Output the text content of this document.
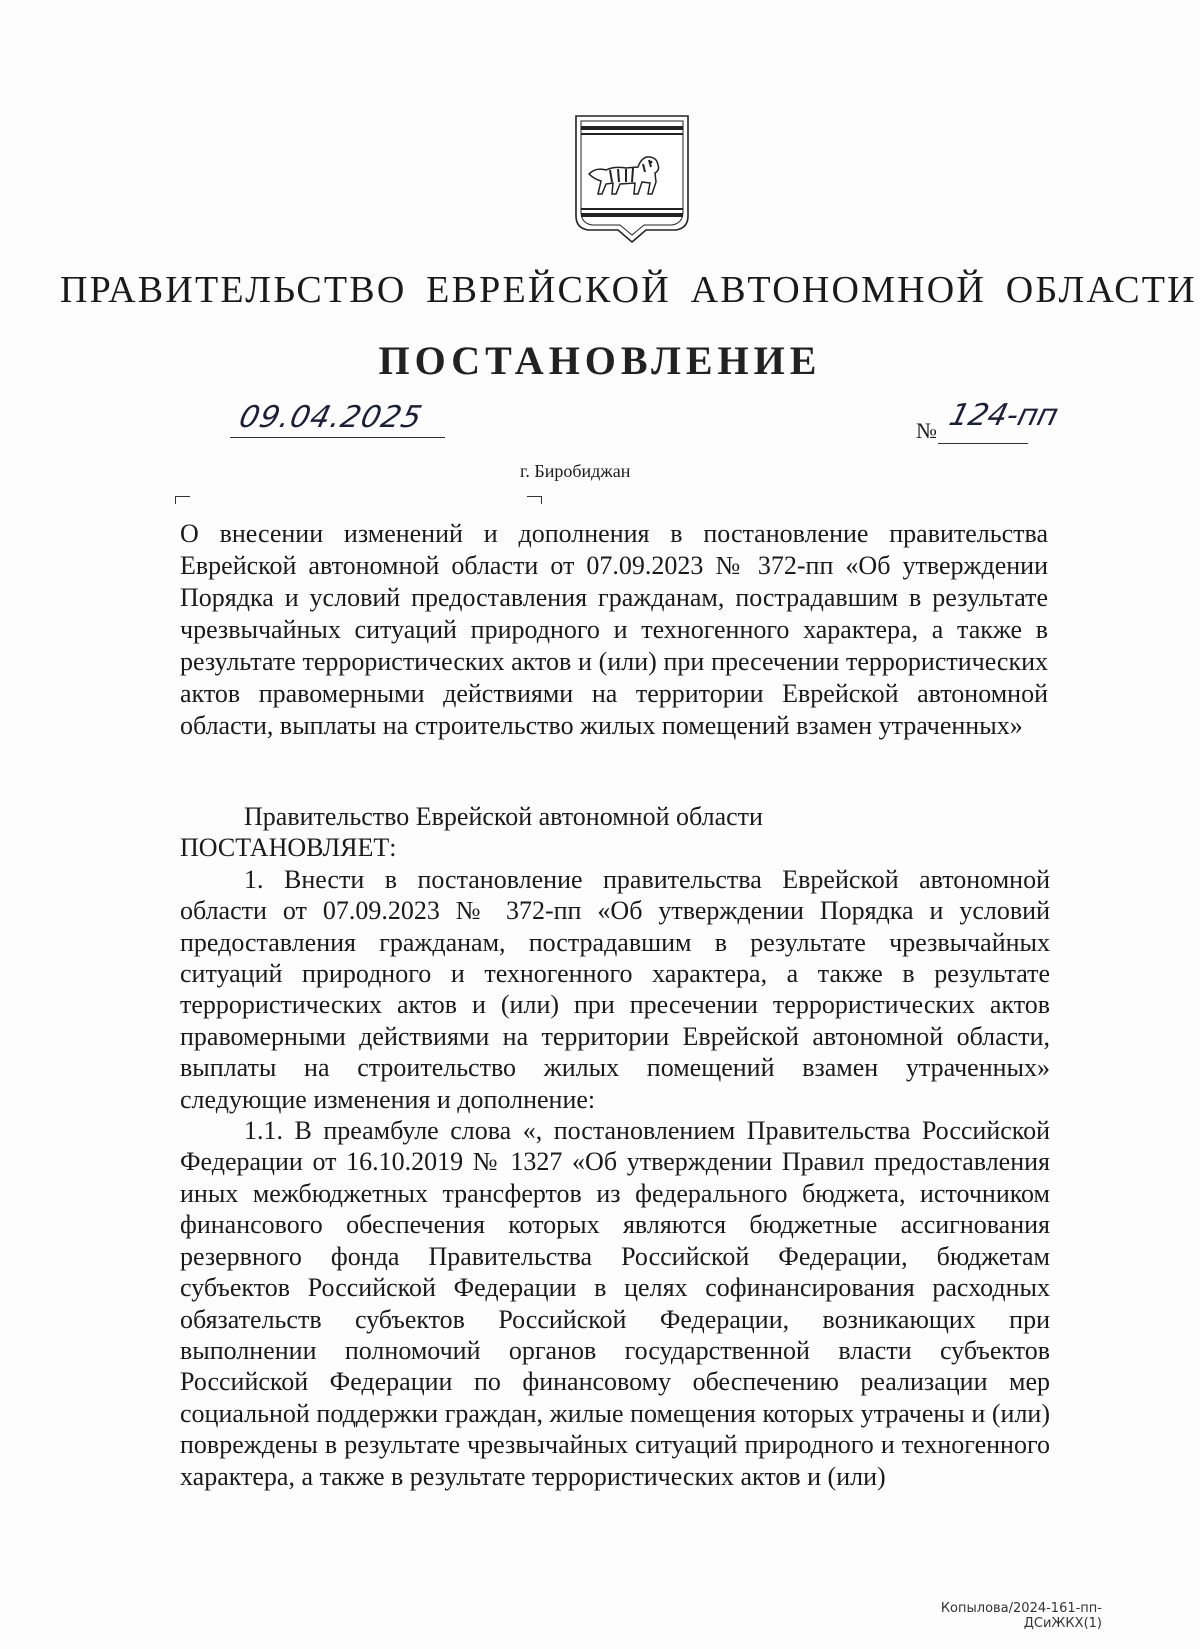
ПРАВИТЕЛЬСТВО ЕВРЕЙСКОЙ АВТОНОМНОЙ ОБЛАСТИ
ПОСТАНОВЛЕНИЕ
09.04.2025	№ 124-пп
г. Биробиджан
О внесении изменений и дополнения в постановление правительства Еврейской автономной области от 07.09.2023 № 372-пп «Об утверждении Порядка и условий предоставления гражданам, пострадавшим в результате чрезвычайных ситуаций природного и техногенного характера, а также в результате террористических актов и (или) при пресечении террористических актов правомерными действиями на территории Еврейской автономной области, выплаты на строительство жилых помещений взамен утраченных»

Правительство Еврейской автономной области

ПОСТАНОВЛЯЕТ:

1. Внести в постановление правительства Еврейской автономной области от 07.09.2023 № 372-пп «Об утверждении Порядка и условий предоставления гражданам, пострадавшим в результате чрезвычайных ситуаций природного и техногенного характера, а также в результате террористических актов и (или) при пресечении террористических актов правомерными действиями на территории Еврейской автономной области, выплаты на строительство жилых помещений взамен утраченных» следующие изменения и дополнение:

1.1. В преамбуле слова «, постановлением Правительства Российской Федерации от 16.10.2019 № 1327 «Об утверждении Правил предоставления иных межбюджетных трансфертов из федерального бюджета, источником финансового обеспечения которых являются бюджетные ассигнования резервного фонда Правительства Российской Федерации, бюджетам субъектов Российской Федерации в целях софинансирования расходных обязательств субъектов Российской Федерации, возникающих при выполнении полномочий органов государственной власти субъектов Российской Федерации по финансовому обеспечению реализации мер социальной поддержки граждан, жилые помещения которых утрачены и (или) повреждены в результате чрезвычайных ситуаций природного и техногенного характера, а также в результате террористических актов и (или)

Копылова/2024-161-пп-ДСиЖКХ(1)
